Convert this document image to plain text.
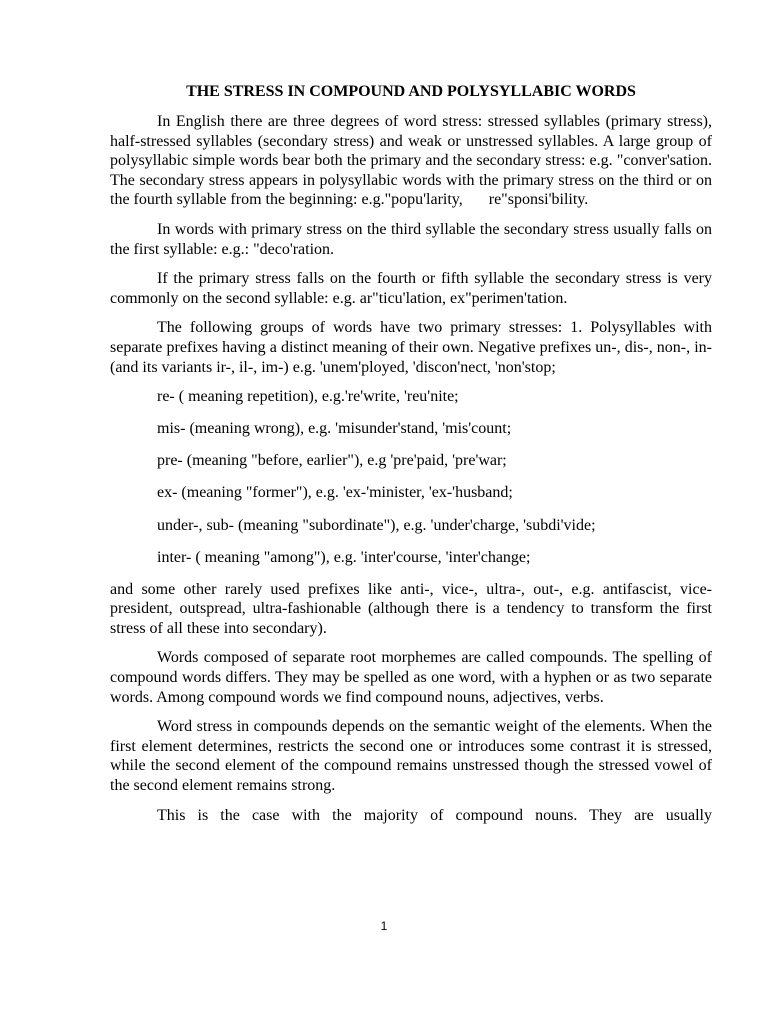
THE STRESS IN COMPOUND AND POLYSYLLABIC WORDS

In English there are three degrees of word stress: stressed syllables (primary stress), half-stressed syllables (secondary stress) and weak or unstressed syllables. A large group of polysyllabic simple words bear both the primary and the secondary stress: e.g. "conver'sation. The secondary stress appears in polysyllabic words with the primary stress on the third or on the fourth syllable from the beginning: e.g."popu'larity, re"sponsi'bility.

In words with primary stress on the third syllable the secondary stress usually falls on the first syllable: e.g.: "deco'ration.

If the primary stress falls on the fourth or fifth syllable the secondary stress is very commonly on the second syllable: e.g. ar"ticu'lation, ex"perimen'tation.

The following groups of words have two primary stresses: 1. Polysyllables with separate prefixes having a distinct meaning of their own. Negative prefixes un-, dis-, non-, in- (and its variants ir-, il-, im-) e.g. 'unem'ployed, 'discon'nect, 'non'stop;

re- ( meaning repetition), e.g.'re'write, 'reu'nite;
mis- (meaning wrong), e.g. 'misunder'stand, 'mis'count;
pre- (meaning "before, earlier"), e.g 'pre'paid, 'pre'war;
ex- (meaning "former"), e.g. 'ex-'minister, 'ex-'husband;
under-, sub- (meaning "subordinate"), e.g. 'under'charge, 'subdi'vide;
inter- ( meaning "among"), e.g. 'inter'course, 'inter'change;

and some other rarely used prefixes like anti-, vice-, ultra-, out-, e.g. antifascist, vice-president, outspread, ultra-fashionable (although there is a tendency to transform the first stress of all these into secondary).

Words composed of separate root morphemes are called compounds. The spelling of compound words differs. They may be spelled as one word, with a hyphen or as two separate words. Among compound words we find compound nouns, adjectives, verbs.

Word stress in compounds depends on the semantic weight of the elements. When the first element determines, restricts the second one or introduces some contrast it is stressed, while the second element of the compound remains unstressed though the stressed vowel of the second element remains strong.

This is the case with the majority of compound nouns. They are usually

1
